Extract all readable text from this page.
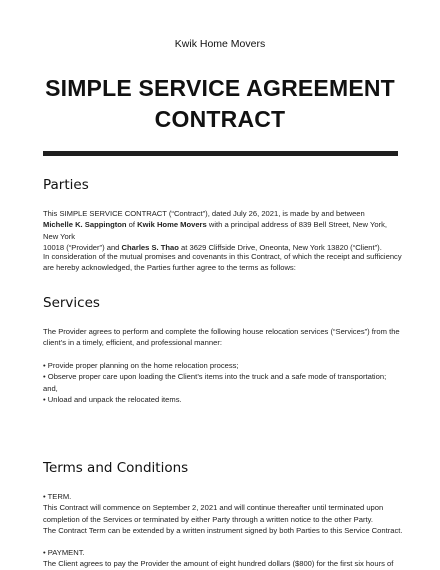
Kwik Home Movers
SIMPLE SERVICE AGREEMENT
CONTRACT
Parties
This SIMPLE SERVICE CONTRACT (“Contract”), dated July 26, 2021, is made by and between
Michelle K. Sappington of Kwik Home Movers with a principal address of 839 Bell Street, New York, New York
10018 (“Provider”) and Charles S. Thao at 3629 Cliffside Drive, Oneonta, New York 13820 (“Client”).
In consideration of the mutual promises and covenants in this Contract, of which the receipt and sufficiency are hereby acknowledged, the Parties further agree to the terms as follows:
Services
The Provider agrees to perform and complete the following house relocation services (“Services”) from the client’s in a timely, efficient, and professional manner:
• Provide proper planning on the home relocation process;
• Observe proper care upon loading the Client’s items into the truck and a safe mode of transportation; and,
• Unload and unpack the relocated items.
Terms and Conditions
• TERM.
This Contract will commence on September 2, 2021 and will continue thereafter until terminated upon
completion of the Services or terminated by either Party through a written notice to the other Party.
The Contract Term can be extended by a written instrument signed by both Parties to this Service Contract.
• PAYMENT.
The Client agrees to pay the Provider the amount of eight hundred dollars ($800) for the first six hours of
